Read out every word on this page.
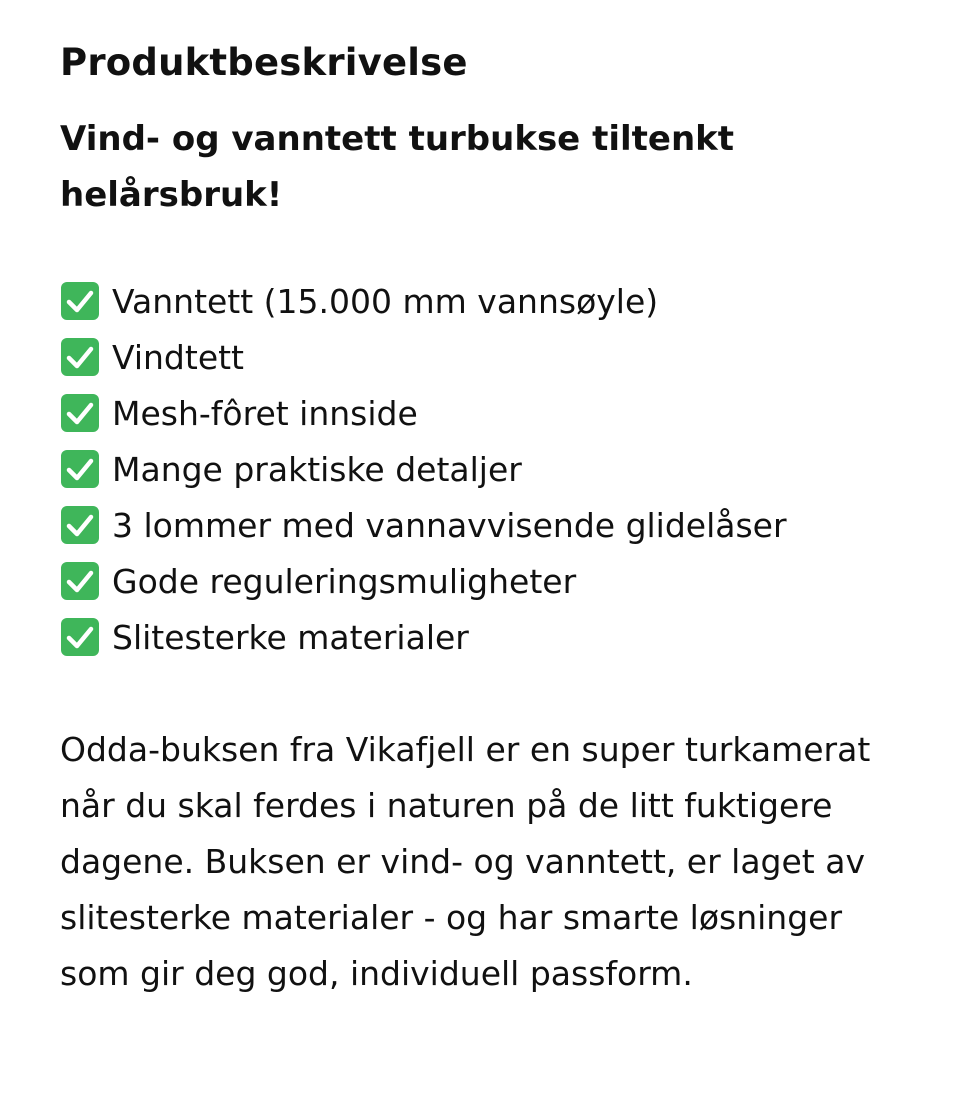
Produktbeskrivelse

Vind- og vanntett turbukse tiltenkt helårsbruk!

Vanntett (15.000 mm vannsøyle)
Vindtett
Mesh-fôret innside
Mange praktiske detaljer
3 lommer med vannavvisende glidelåser
Gode reguleringsmuligheter
Slitesterke materialer

Odda-buksen fra Vikafjell er en super turkamerat når du skal ferdes i naturen på de litt fuktigere dagene. Buksen er vind- og vanntett, er laget av slitesterke materialer - og har smarte løsninger som gir deg god, individuell passform.
